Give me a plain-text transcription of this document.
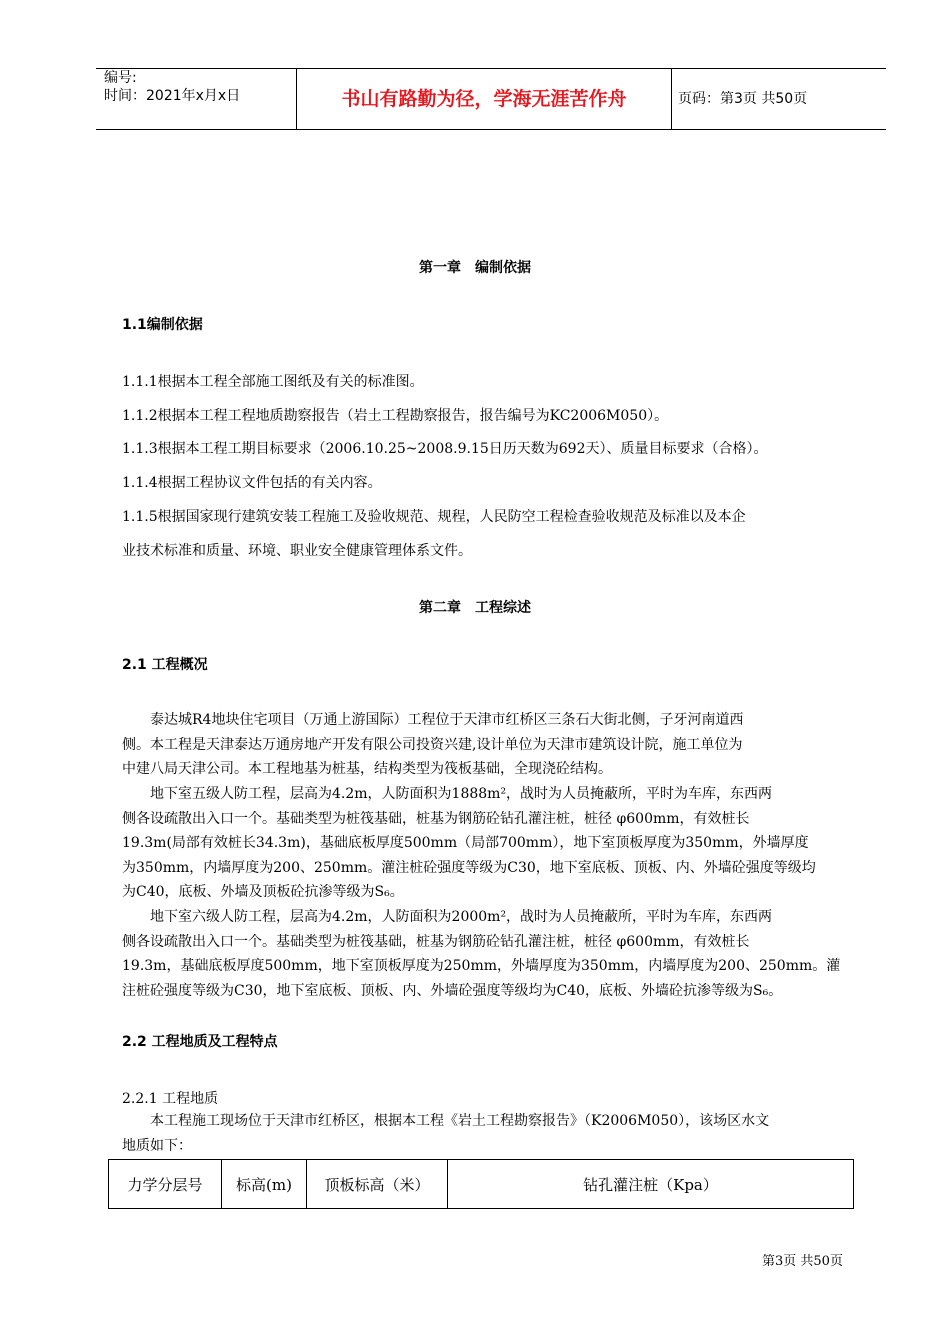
编号:
时间：2021年x月x日	书山有路勤为径，学海无涯苦作舟	页码：第3页 共50页
第一章　编制依据
1.1编制依据
1.1.1根据本工程全部施工图纸及有关的标准图。
1.1.2根据本工程工程地质勘察报告（岩土工程勘察报告，报告编号为KC2006M050）。
1.1.3根据本工程工期目标要求（2006.10.25~2008.9.15日历天数为692天）、质量目标要求（合格）。
1.1.4根据工程协议文件包括的有关内容。
1.1.5根据国家现行建筑安装工程施工及验收规范、规程，人民防空工程检查验收规范及标准以及本企
业技术标准和质量、环境、职业安全健康管理体系文件。
第二章　工程综述
2.1 工程概况
　　泰达城R4地块住宅项目（万通上游国际）工程位于天津市红桥区三条石大街北侧，子牙河南道西
侧。本工程是天津泰达万通房地产开发有限公司投资兴建,设计单位为天津市建筑设计院，施工单位为
中建八局天津公司。本工程地基为桩基，结构类型为筏板基础，全现浇砼结构。
　　地下室五级人防工程，层高为4.2m，人防面积为1888m²，战时为人员掩蔽所，平时为车库，东西两
侧各设疏散出入口一个。基础类型为桩筏基础，桩基为钢筋砼钻孔灌注桩，桩径 φ600mm，有效桩长
19.3m(局部有效桩长34.3m)，基础底板厚度500mm（局部700mm），地下室顶板厚度为350mm，外墙厚度
为350mm，内墙厚度为200、250mm。灌注桩砼强度等级为C30，地下室底板、顶板、内、外墙砼强度等级均
为C40，底板、外墙及顶板砼抗渗等级为S₆。
　　地下室六级人防工程，层高为4.2m，人防面积为2000m²，战时为人员掩蔽所，平时为车库，东西两
侧各设疏散出入口一个。基础类型为桩筏基础，桩基为钢筋砼钻孔灌注桩，桩径 φ600mm，有效桩长
19.3m，基础底板厚度500mm，地下室顶板厚度为250mm，外墙厚度为350mm，内墙厚度为200、250mm。灌
注桩砼强度等级为C30，地下室底板、顶板、内、外墙砼强度等级均为C40，底板、外墙砼抗渗等级为S₆。
2.2 工程地质及工程特点
2.2.1 工程地质
　　本工程施工现场位于天津市红桥区，根据本工程《岩土工程勘察报告》（K2006M050），该场区水文
地质如下：
力学分层号	标高(m)	顶板标高（米）	钻孔灌注桩（Kpa）
第3页 共50页
